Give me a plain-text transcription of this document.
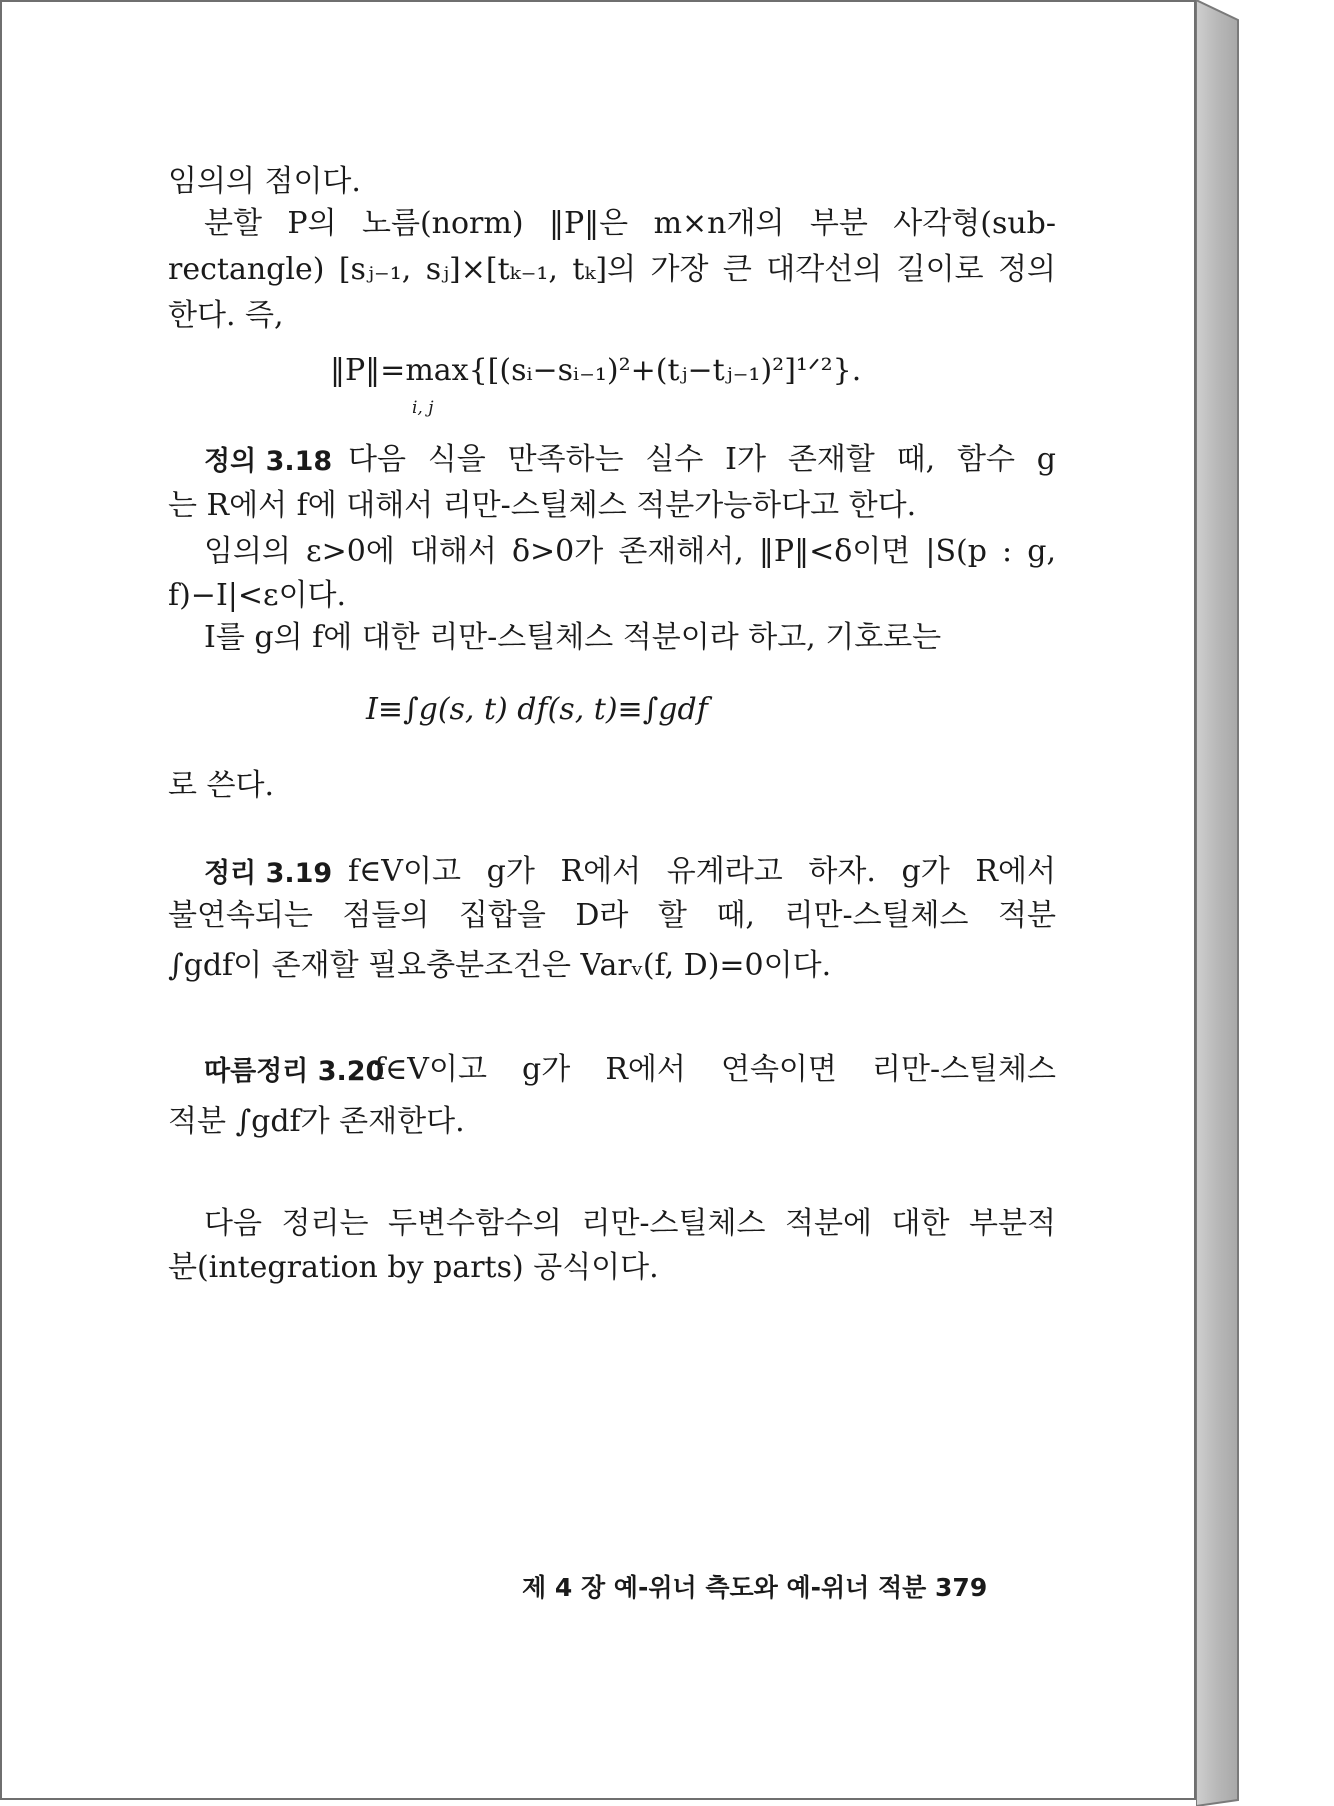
임의의 점이다.
분할 P의 노름(norm) ‖P‖은 m×n개의 부분 사각형(sub-
rectangle) [sⱼ₋₁, sⱼ]×[tₖ₋₁, tₖ]의 가장 큰 대각선의 길이로 정의
한다. 즉,
‖P‖=max{[(sᵢ−sᵢ₋₁)²+(tⱼ−tⱼ₋₁)²]¹ᐟ²}.
i, j
정의 3.18 다음 식을 만족하는 실수 I가 존재할 때, 함수 g
는 R에서 f에 대해서 리만-스틸체스 적분가능하다고 한다.
임의의 ε>0에 대해서 δ>0가 존재해서, ‖P‖<δ이면 |S(p : g,
f)−I|<ε이다.
I를 g의 f에 대한 리만-스틸체스 적분이라 하고, 기호로는
I≡∫g(s, t) df(s, t)≡∫gdf
로 쓴다.
정리 3.19 f∈V이고 g가 R에서 유계라고 하자. g가 R에서
불연속되는 점들의 집합을 D라 할 때, 리만-스틸체스 적분
∫gdf이 존재할 필요충분조건은 Varᵥ(f, D)=0이다.
따름정리 3.20
f∈V이고 g가 R에서 연속이면 리만-스틸체스
적분 ∫gdf가 존재한다.
다음 정리는 두변수함수의 리만-스틸체스 적분에 대한 부분적
분(integration by parts) 공식이다.
제 4 장 예-위너 측도와 예-위너 적분 379
